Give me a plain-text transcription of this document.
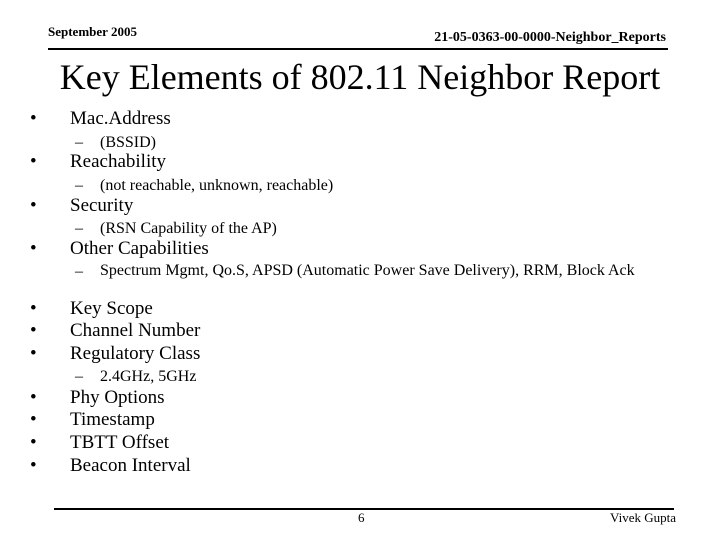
September 2005	21-05-0363-00-0000-Neighbor_Reports
Key Elements of 802.11 Neighbor Report
• Mac.Address
– (BSSID)
• Reachability
– (not reachable, unknown, reachable)
• Security
– (RSN Capability of the AP)
• Other Capabilities
– Spectrum Mgmt, Qo.S, APSD (Automatic Power Save Delivery), RRM, Block Ack
• Key Scope
• Channel Number
• Regulatory Class
– 2.4GHz, 5GHz
• Phy Options
• Timestamp
• TBTT Offset
• Beacon Interval
6	Vivek Gupta
